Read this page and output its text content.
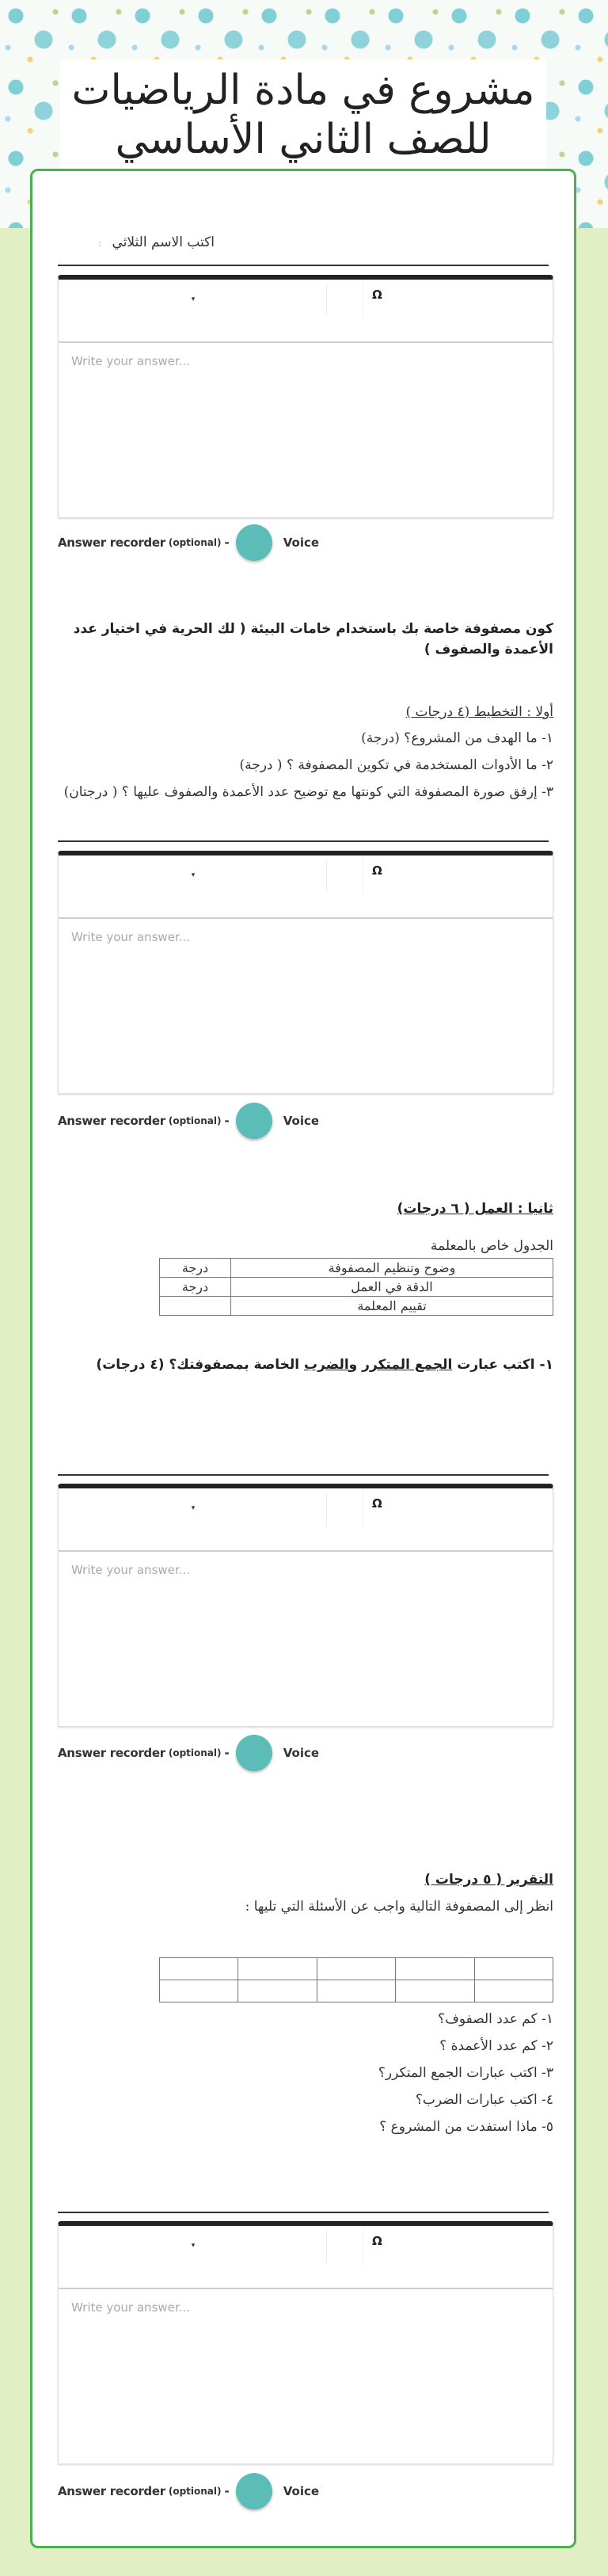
مشروع في مادة الرياضيات
للصف الثاني الأساسي
اكتب الاسم الثلاثي :
▾	Ω
Write your answer...
Answer recorder (optional) -	Voice
كون مصفوفة خاصة بك باستخدام خامات البيئة ( لك الحرية في اختيار عدد الأعمدة والصفوف )
أولا : التخطيط (٤ درجات )
١- ما الهدف من المشروع؟ (درجة)
٢- ما الأدوات المستخدمة في تكوين المصفوفة ؟ ( درجة)
٣- إرفق صورة المصفوفة التي كونتها مع توضيح عدد الأعمدة والصفوف عليها ؟ ( درجتان)
▾	Ω
Write your answer...
Answer recorder (optional) -	Voice
ثانيا : العمل ( ٦ درجات)
الجدول خاص بالمعلمة
وضوح وتنظيم المصفوفة	درجة
الدقة في العمل	درجة
تقييم المعلمة	
١- اكتب عبارت الجمع المتكرر والضرب الخاصة بمصفوفتك؟ (٤ درجات)
▾	Ω
Write your answer...
Answer recorder (optional) -	Voice
التقرير ( ٥ درجات )
انظر إلى المصفوفة التالية واجب عن الأسئلة التي تليها :

١- كم عدد الصفوف؟
٢- كم عدد الأعمدة ؟
٣- اكتب عبارات الجمع المتكرر؟
٤- اكتب عبارات الضرب؟
٥- ماذا استفدت من المشروع ؟
▾	Ω
Write your answer...
Answer recorder (optional) -	Voice
